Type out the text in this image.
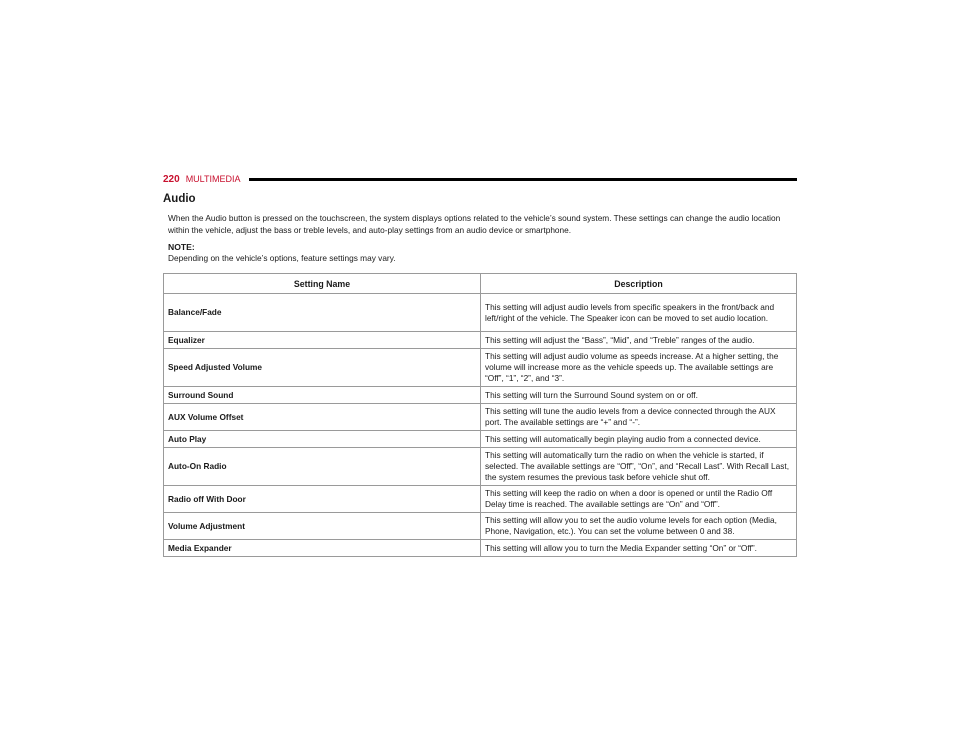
220 MULTIMEDIA
Audio

When the Audio button is pressed on the touchscreen, the system displays options related to the vehicle’s sound system. These settings can change the audio location within the vehicle, adjust the bass or treble levels, and auto-play settings from an audio device or smartphone.

NOTE:

Depending on the vehicle’s options, feature settings may vary.

Setting Name	Description
Balance/Fade	This setting will adjust audio levels from specific speakers in the front/back and left/right of the vehicle. The Speaker icon can be moved to set audio location.
Equalizer	This setting will adjust the “Bass”, “Mid”, and “Treble” ranges of the audio.
Speed Adjusted Volume	This setting will adjust audio volume as speeds increase. At a higher setting, the volume will increase more as the vehicle speeds up. The available settings are “Off”, “1”, “2”, and “3”.
Surround Sound	This setting will turn the Surround Sound system on or off.
AUX Volume Offset	This setting will tune the audio levels from a device connected through the AUX port. The available settings are “+” and “-”.
Auto Play	This setting will automatically begin playing audio from a connected device.
Auto-On Radio	This setting will automatically turn the radio on when the vehicle is started, if selected. The available settings are “Off”, “On”, and “Recall Last”. With Recall Last, the system resumes the previous task before vehicle shut off.
Radio off With Door	This setting will keep the radio on when a door is opened or until the Radio Off Delay time is reached. The available settings are “On” and “Off”.
Volume Adjustment	This setting will allow you to set the audio volume levels for each option (Media, Phone, Navigation, etc.). You can set the volume between 0 and 38.
Media Expander	This setting will allow you to turn the Media Expander setting “On” or “Off”.
